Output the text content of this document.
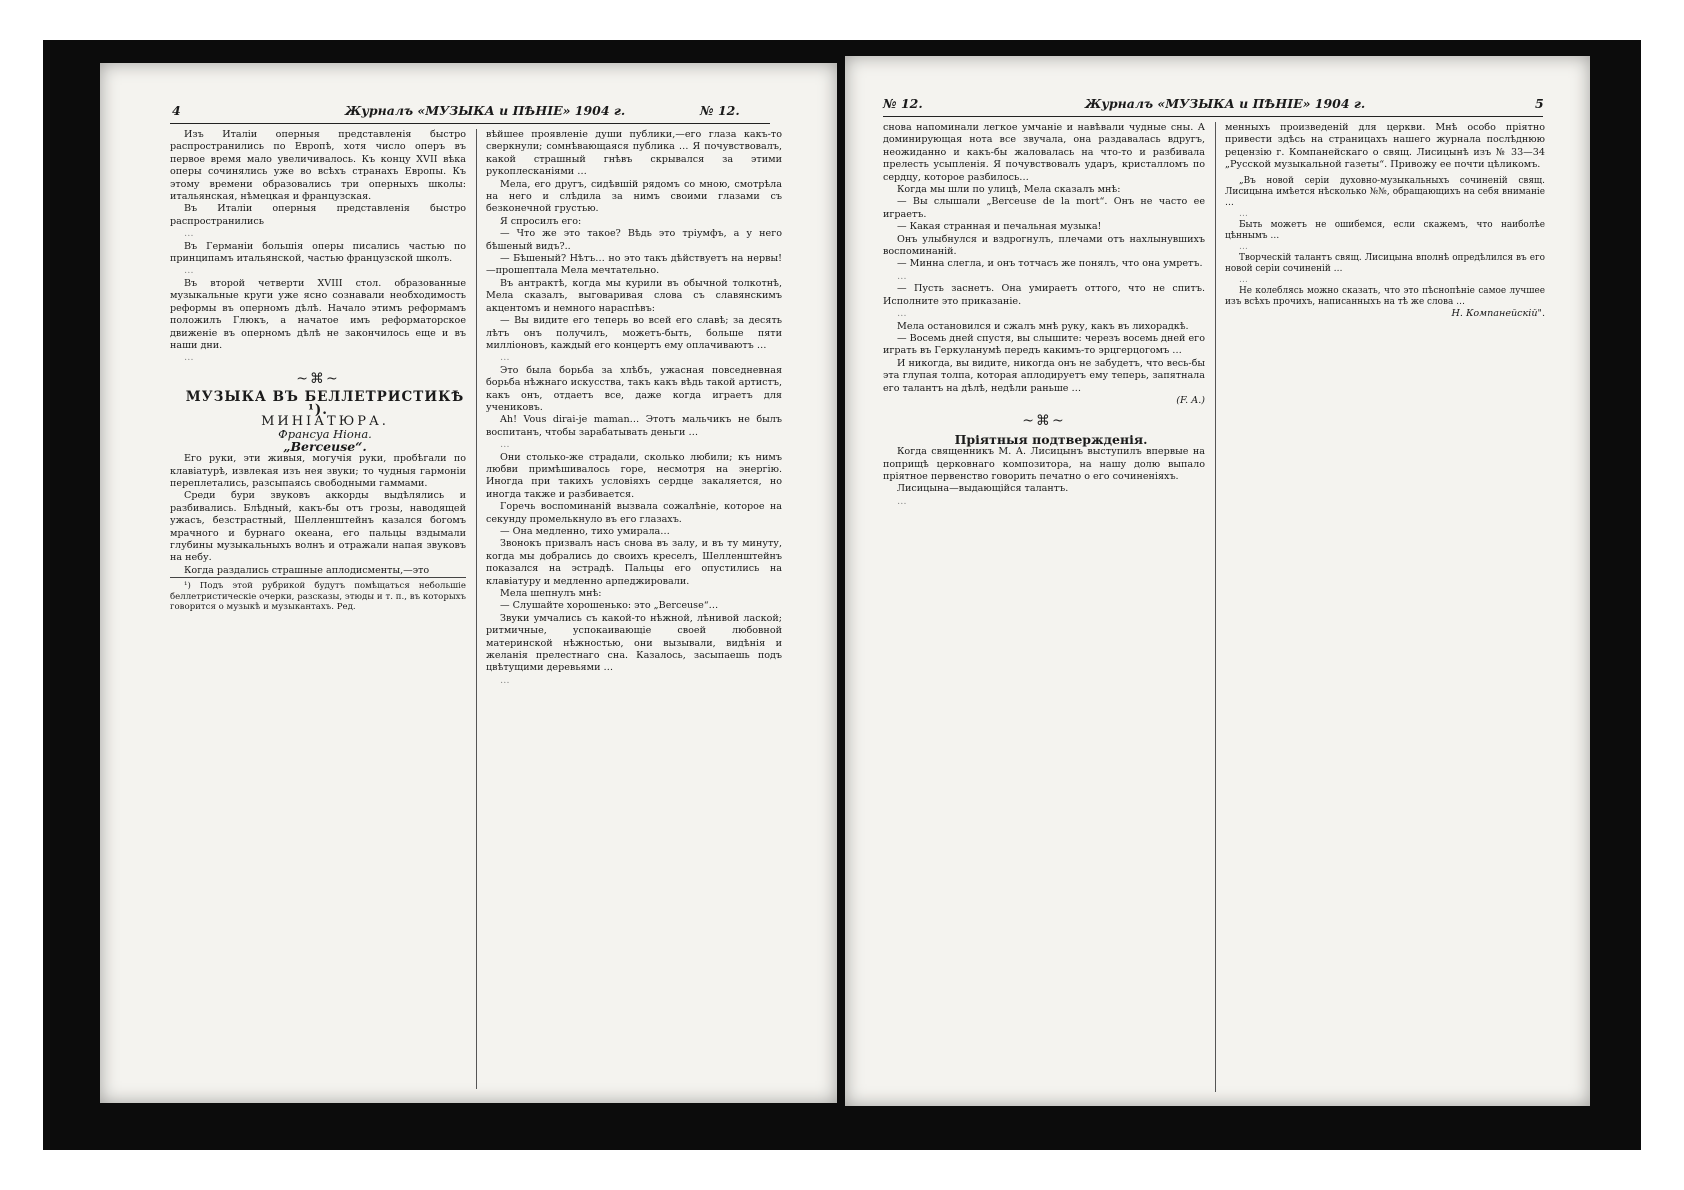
4	Журналъ «МУЗЫКА и ПѢНІЕ» 1904 г.	№ 12.

Изъ Италіи оперныя представленія быстро распространились по Европѣ, хотя число оперъ въ первое время мало увеличивалось. Къ концу XVII вѣка оперы сочинялись уже во всѣхъ странахъ Европы. Къ этому времени образовались три оперныхъ школы: итальянская, нѣмецкая и французская.

Въ Италіи оперныя представленія быстро распространились

…

Въ Германіи большія оперы писались частью по принципамъ итальянской, частью французской школъ.

…

Въ второй четверти XVIII стол. образованные музыкальные круги уже ясно сознавали необходимость реформы въ оперномъ дѣлѣ. Начало этимъ реформамъ положилъ Глюкъ, а начатое имъ реформаторское движеніе въ оперномъ дѣлѣ не закончилось еще и въ наши дни.

…

~⌘~

МУЗЫКА ВЪ БЕЛЛЕТРИСТИКѢ ¹).

МИНІАТЮРА.

Франсуа Ніона.

„Berceuse“.

Его руки, эти живыя, могучія руки, пробѣгали по клавіатурѣ, извлекая изъ нея звуки; то чудныя гармоніи переплетались, разсыпаясь свободными гаммами.

Среди бури звуковъ аккорды выдѣлялись и разбивались. Блѣдный, какъ-бы отъ грозы, наводящей ужасъ, безстрастный, Шелленштейнъ казался богомъ мрачного и бурнаго океана, его пальцы вздымали глубины музыкальныхъ волнъ и отражали напая звуковъ на небу.

Когда раздались страшные аплодисменты,—это

¹) Подъ этой рубрикой будутъ помѣщаться небольшіе беллетристическіе очерки, разсказы, этюды и т. п., въ которыхъ говорится о музыкѣ и музыкантахъ. Ред.

вѣйшее проявленіе души публики,—его глаза какъ-то сверкнули; сомнѣвающаяся публика … Я почувствовалъ, какой страшный гнѣвъ скрывался за этими рукоплесканіями …

Мела, его другъ, сидѣвшій рядомъ со мною, смотрѣла на него и слѣдила за нимъ своими глазами съ безконечной грустью.

Я спросилъ его:

— Что же это такое? Вѣдь это тріумфъ, а у него бѣшеный видъ?..

— Бѣшеный? Нѣтъ… но это такъ дѣйствуетъ на нервы!—прошептала Мела мечтательно.

Въ антрактѣ, когда мы курили въ обычной толкотнѣ, Мела сказалъ, выговаривая слова съ славянскимъ акцентомъ и немного нараспѣвъ:

— Вы видите его теперь во всей его славѣ; за десять лѣтъ онъ получилъ, можетъ-быть, больше пяти милліоновъ, каждый его концертъ ему оплачиваютъ …

…

Это была борьба за хлѣбъ, ужасная повседневная борьба нѣжнаго искусства, такъ какъ вѣдь такой артистъ, какъ онъ, отдаетъ все, даже когда играетъ для учениковъ.

Ah! Vous dirai-je maman… Этотъ мальчикъ не былъ воспитанъ, чтобы зарабатывать деньги …

…

Они столько-же страдали, сколько любили; къ нимъ любви примѣшивалось горе, несмотря на энергію. Иногда при такихъ условіяхъ сердце закаляется, но иногда также и разбивается.

Горечь воспоминаній вызвала сожалѣніе, которое на секунду промелькнуло въ его глазахъ.

— Она медленно, тихо умирала…

Звонокъ призвалъ насъ снова въ залу, и въ ту минуту, когда мы добрались до своихъ креселъ, Шелленштейнъ показался на эстрадѣ. Пальцы его опустились на клавіатуру и медленно арпеджировали.

Мела шепнулъ мнѣ:

— Слушайте хорошенько: это „Berceuse“…

Звуки умчались съ какой-то нѣжной, лѣнивой лаской; ритмичные, успокаивающіе своей любовной материнской нѣжностью, они вызывали, видѣнія и желанія прелестнаго сна. Казалось, засыпаешь подъ цвѣтущими деревьями …

…

№ 12.	Журналъ «МУЗЫКА и ПѢНІЕ» 1904 г.	5

снова напоминали легкое умчаніе и навѣвали чудные сны. А доминирующая нота все звучала, она раздавалась вдругъ, неожиданно и какъ-бы жаловалась на что-то и разбивала прелесть усыпленія. Я почувствовалъ ударъ, кристалломъ по сердцу, которое разбилось…

Когда мы шли по улицѣ, Мела сказалъ мнѣ:

— Вы слышали „Berceuse de la mort“. Онъ не часто ее играетъ.

— Какая странная и печальная музыка!

Онъ улыбнулся и вздрогнулъ, плечами отъ нахлынувшихъ воспоминаній.

— Минна слегла, и онъ тотчасъ же понялъ, что она умретъ.

…

— Пусть заснетъ. Она умираетъ оттого, что не спитъ. Исполните это приказаніе.

…

Мела остановился и сжалъ мнѣ руку, какъ въ лихорадкѣ.

— Восемь дней спустя, вы слышите: черезъ восемь дней его играть въ Геркуланумѣ передъ какимъ-то эрцгерцогомъ …

И никогда, вы видите, никогда онъ не забудетъ, что весь-бы эта глупая толпа, которая аплодируетъ ему теперь, запятнала его талантъ на дѣлѣ, недѣли раньше …

(F. A.)

~⌘~

Пріятныя подтвержденія.

Когда священникъ М. А. Лисицынъ выступилъ впервые на поприщѣ церковнаго композитора, на нашу долю выпало пріятное первенство говорить печатно о его сочиненіяхъ.

Лисицына—выдающійся талантъ.

…

менныхъ произведеній для церкви. Мнѣ особо пріятно привести здѣсь на страницахъ нашего журнала послѣднюю рецензію г. Компанейскаго о свящ. Лисицынѣ изъ № 33—34 „Русской музыкальной газеты“. Привожу ее почти цѣликомъ.

„Въ новой серіи духовно-музыкальныхъ сочиненій свящ. Лисицына имѣется нѣсколько №№, обращающихъ на себя вниманіе …

…

Быть можетъ не ошибемся, если скажемъ, что наиболѣе цѣннымъ …

…

Творческій талантъ свящ. Лисицына вполнѣ опредѣлился въ его новой серіи сочиненій …

…

Не колеблясь можно сказать, что это пѣснопѣніе самое лучшее изъ всѣхъ прочихъ, написанныхъ на тѣ же слова …

Н. Компанейскій".
